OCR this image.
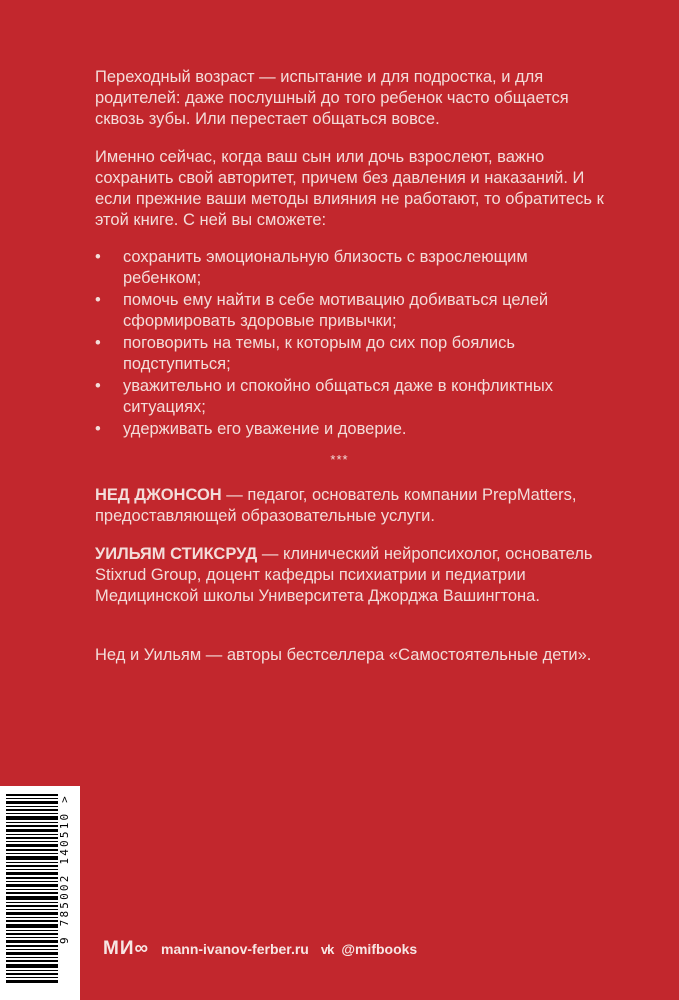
Переходный возраст — испытание и для подростка, и для родителей: даже послушный до того ребенок часто общается сквозь зубы. Или перестает общаться вовсе.

Именно сейчас, когда ваш сын или дочь взрослеют, важно сохранить свой авторитет, причем без давления и наказаний. И если прежние ваши методы влияния не работают, то обратитесь к этой книге. С ней вы сможете:

• сохранить эмоциональную близость с взрослеющим ребенком;
• помочь ему найти в себе мотивацию добиваться целей сформировать здоровые привычки;
• поговорить на темы, к которым до сих пор боялись подступиться;
• уважительно и спокойно общаться даже в конфликтных ситуациях;
• удерживать его уважение и доверие.
***

НЕД ДЖОНСОН — педагог, основатель компании PrepMatters, предоставляющей образовательные услуги.

УИЛЬЯМ СТИКСРУД — клинический нейропсихолог, основатель Stixrud Group, доцент кафедры психиатрии и педиатрии Медицинской школы Университета Джорджа Вашингтона.

Нед и Уильям — авторы бестселлера «Самостоятельные дети».

9 785002 140510 >
МИ∞ mann-ivanov-ferber.ru vk @mifbooks
